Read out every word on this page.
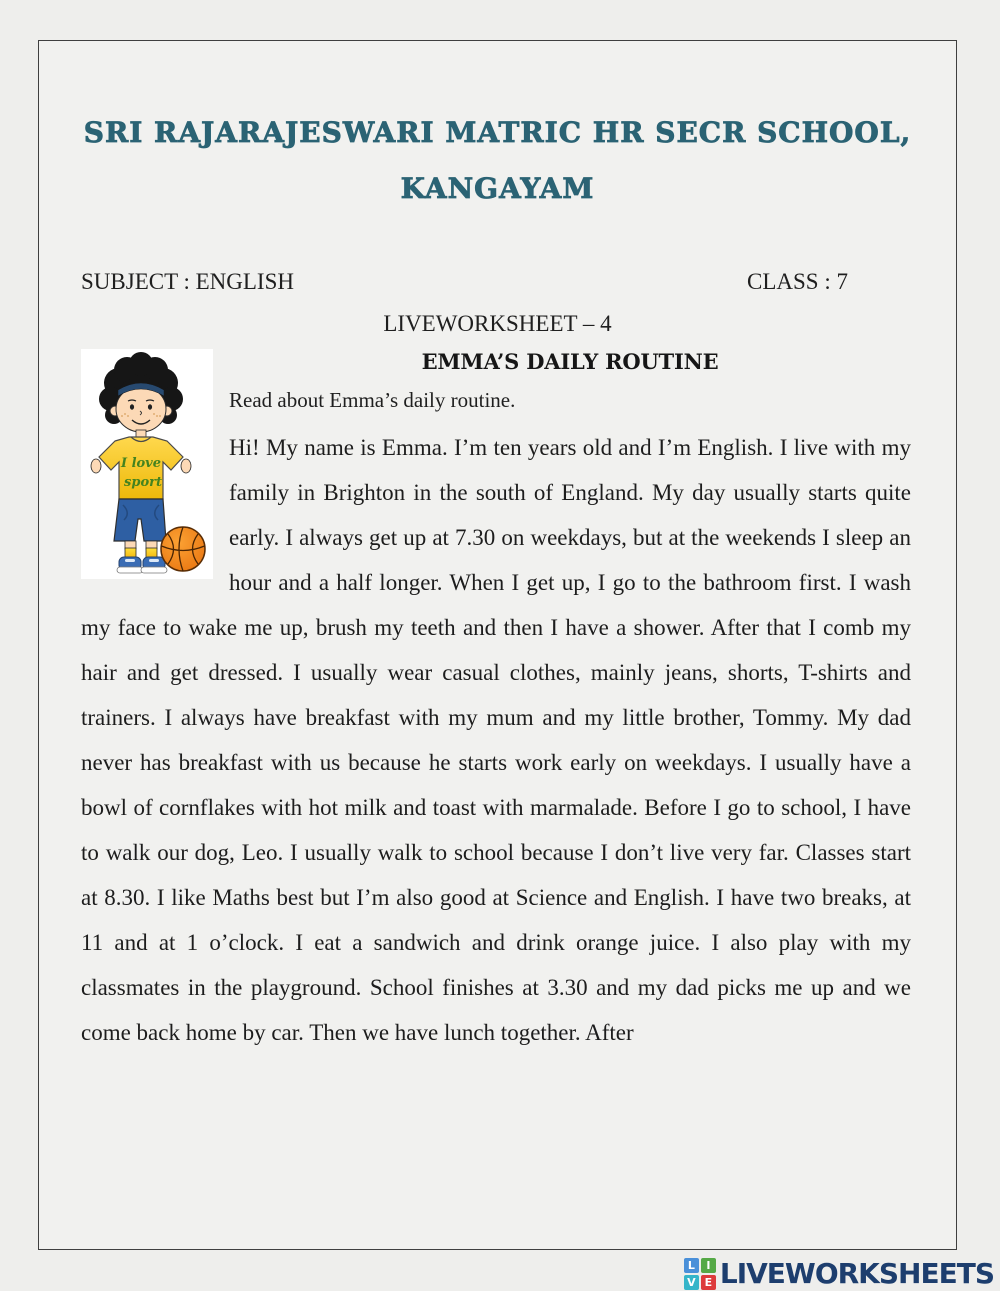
SRI RAJARAJESWARI MATRIC HR SECR SCHOOL,
KANGAYAM
SUBJECT : ENGLISH	CLASS : 7
LIVEWORKSHEET – 4
I love
sport
EMMA’S DAILY ROUTINE

Read about Emma’s daily routine.

Hi! My name is Emma. I’m ten years old and I’m English. I live with my family in Brighton in the south of England. My day usually starts quite early. I always get up at 7.30 on weekdays, but at the weekends I sleep an hour and a half longer. When I get up, I go to the bathroom first. I wash my face to wake me up, brush my teeth and then I have a shower. After that I comb my hair and get dressed. I usually wear casual clothes, mainly jeans, shorts, T-shirts and trainers. I always have breakfast with my mum and my little brother, Tommy. My dad never has breakfast with us because he starts work early on weekdays. I usually have a bowl of cornflakes with hot milk and toast with marmalade. Before I go to school, I have to walk our dog, Leo. I usually walk to school because I don’t live very far. Classes start at 8.30. I like Maths best but I’m also good at Science and English. I have two breaks, at 11 and at 1 o’clock. I eat a sandwich and drink orange juice. I also play with my classmates in the playground. School finishes at 3.30 and my dad picks me up and we come back home by car. Then we have lunch together. After

L	I
V E LIVEWORKSHEETS
